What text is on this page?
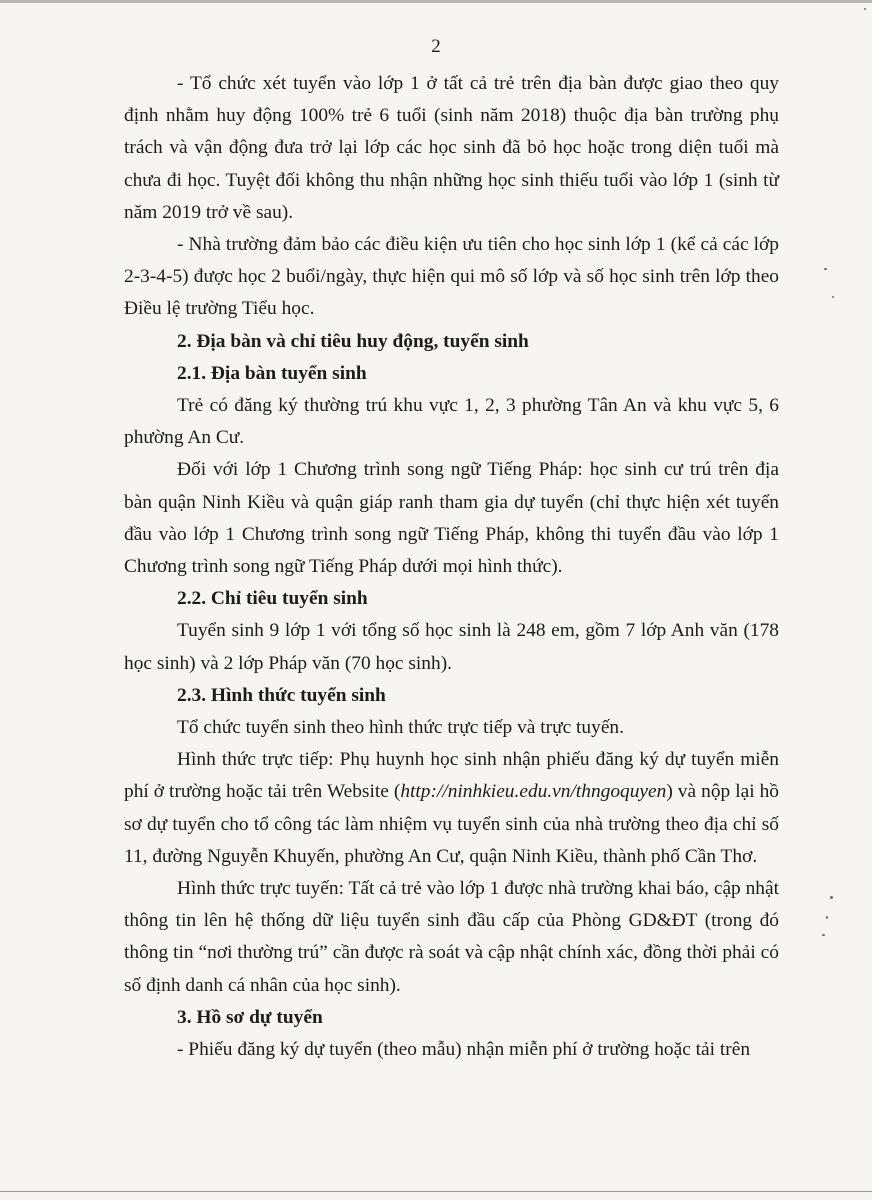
2

- Tổ chức xét tuyển vào lớp 1 ở tất cả trẻ trên địa bàn được giao theo quy định nhằm huy động 100% trẻ 6 tuổi (sinh năm 2018) thuộc địa bàn trường phụ trách và vận động đưa trở lại lớp các học sinh đã bỏ học hoặc trong diện tuổi mà chưa đi học. Tuyệt đối không thu nhận những học sinh thiếu tuổi vào lớp 1 (sinh từ năm 2019 trở về sau).

- Nhà trường đảm bảo các điều kiện ưu tiên cho học sinh lớp 1 (kể cả các lớp 2-3-4-5) được học 2 buổi/ngày, thực hiện qui mô số lớp và số học sinh trên lớp theo Điều lệ trường Tiểu học.

2. Địa bàn và chỉ tiêu huy động, tuyển sinh

2.1. Địa bàn tuyển sinh

Trẻ có đăng ký thường trú khu vực 1, 2, 3 phường Tân An và khu vực 5, 6 phường An Cư.

Đối với lớp 1 Chương trình song ngữ Tiếng Pháp: học sinh cư trú trên địa bàn quận Ninh Kiều và quận giáp ranh tham gia dự tuyển (chỉ thực hiện xét tuyển đầu vào lớp 1 Chương trình song ngữ Tiếng Pháp, không thi tuyển đầu vào lớp 1 Chương trình song ngữ Tiếng Pháp dưới mọi hình thức).

2.2. Chỉ tiêu tuyển sinh

Tuyển sinh 9 lớp 1 với tổng số học sinh là 248 em, gồm 7 lớp Anh văn (178 học sinh) và 2 lớp Pháp văn (70 học sinh).

2.3. Hình thức tuyển sinh

Tổ chức tuyển sinh theo hình thức trực tiếp và trực tuyến.

Hình thức trực tiếp: Phụ huynh học sinh nhận phiếu đăng ký dự tuyển miễn phí ở trường hoặc tải trên Website (http://ninhkieu.edu.vn/thngoquyen) và nộp lại hồ sơ dự tuyển cho tổ công tác làm nhiệm vụ tuyển sinh của nhà trường theo địa chỉ số 11, đường Nguyễn Khuyến, phường An Cư, quận Ninh Kiều, thành phố Cần Thơ.

Hình thức trực tuyến: Tất cả trẻ vào lớp 1 được nhà trường khai báo, cập nhật thông tin lên hệ thống dữ liệu tuyển sinh đầu cấp của Phòng GD&ĐT (trong đó thông tin “nơi thường trú” cần được rà soát và cập nhật chính xác, đồng thời phải có số định danh cá nhân của học sinh).

3. Hồ sơ dự tuyển

- Phiếu đăng ký dự tuyển (theo mẫu) nhận miễn phí ở trường hoặc tải trên
